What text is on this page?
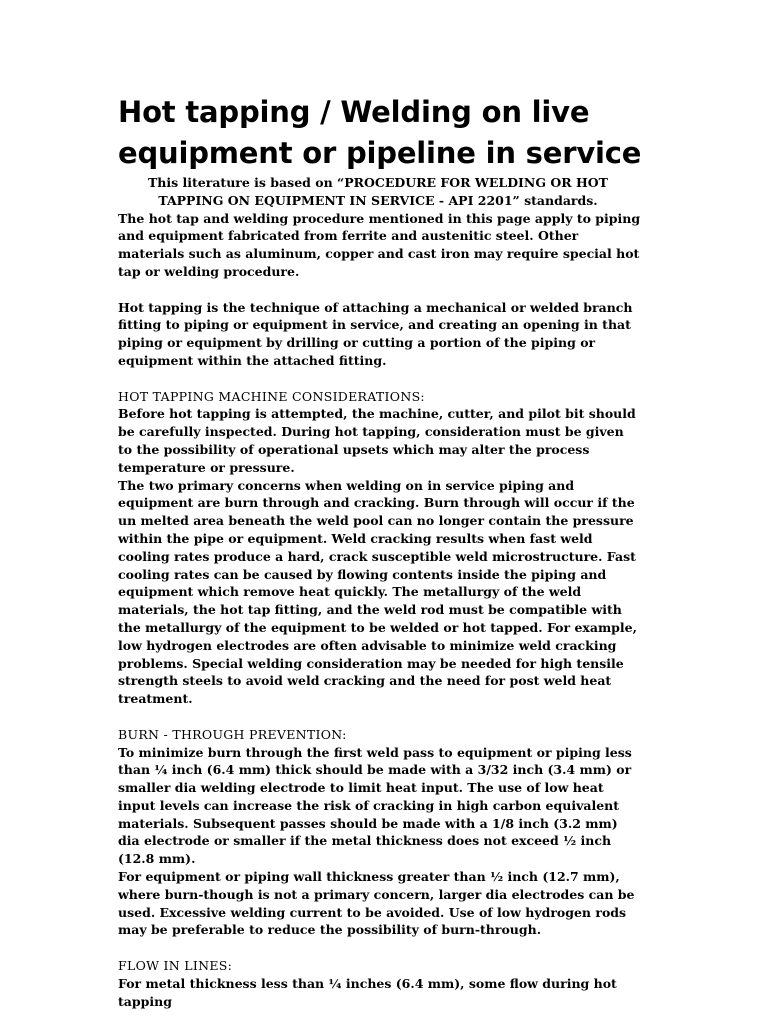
Hot tapping / Welding on live equipment or pipeline in service

This literature is based on “PROCEDURE FOR WELDING OR HOT TAPPING ON EQUIPMENT IN SERVICE - API 2201” standards.

The hot tap and welding procedure mentioned in this page apply to piping and equipment fabricated from ferrite and austenitic steel. Other materials such as aluminum, copper and cast iron may require special hot tap or welding procedure.

Hot tapping is the technique of attaching a mechanical or welded branch fitting to piping or equipment in service, and creating an opening in that piping or equipment by drilling or cutting a portion of the piping or equipment within the attached fitting.

HOT TAPPING MACHINE CONSIDERATIONS:

Before hot tapping is attempted, the machine, cutter, and pilot bit should be carefully inspected. During hot tapping, consideration must be given to the possibility of operational upsets which may alter the process temperature or pressure.

The two primary concerns when welding on in service piping and equipment are burn through and cracking. Burn through will occur if the un melted area beneath the weld pool can no longer contain the pressure within the pipe or equipment. Weld cracking results when fast weld cooling rates produce a hard, crack susceptible weld microstructure. Fast cooling rates can be caused by flowing contents inside the piping and equipment which remove heat quickly. The metallurgy of the weld materials, the hot tap fitting, and the weld rod must be compatible with the metallurgy of the equipment to be welded or hot tapped. For example, low hydrogen electrodes are often advisable to minimize weld cracking problems. Special welding consideration may be needed for high tensile strength steels to avoid weld cracking and the need for post weld heat treatment.

BURN - THROUGH PREVENTION:

To minimize burn through the first weld pass to equipment or piping less than ¼ inch (6.4 mm) thick should be made with a 3/32 inch (3.4 mm) or smaller dia welding electrode to limit heat input. The use of low heat input levels can increase the risk of cracking in high carbon equivalent materials. Subsequent passes should be made with a 1/8 inch (3.2 mm) dia electrode or smaller if the metal thickness does not exceed ½ inch (12.8 mm).

For equipment or piping wall thickness greater than ½ inch (12.7 mm), where burn-though is not a primary concern, larger dia electrodes can be used. Excessive welding current to be avoided. Use of low hydrogen rods may be preferable to reduce the possibility of burn-through.

FLOW IN LINES:

For metal thickness less than ¼ inches (6.4 mm), some flow during hot tapping
